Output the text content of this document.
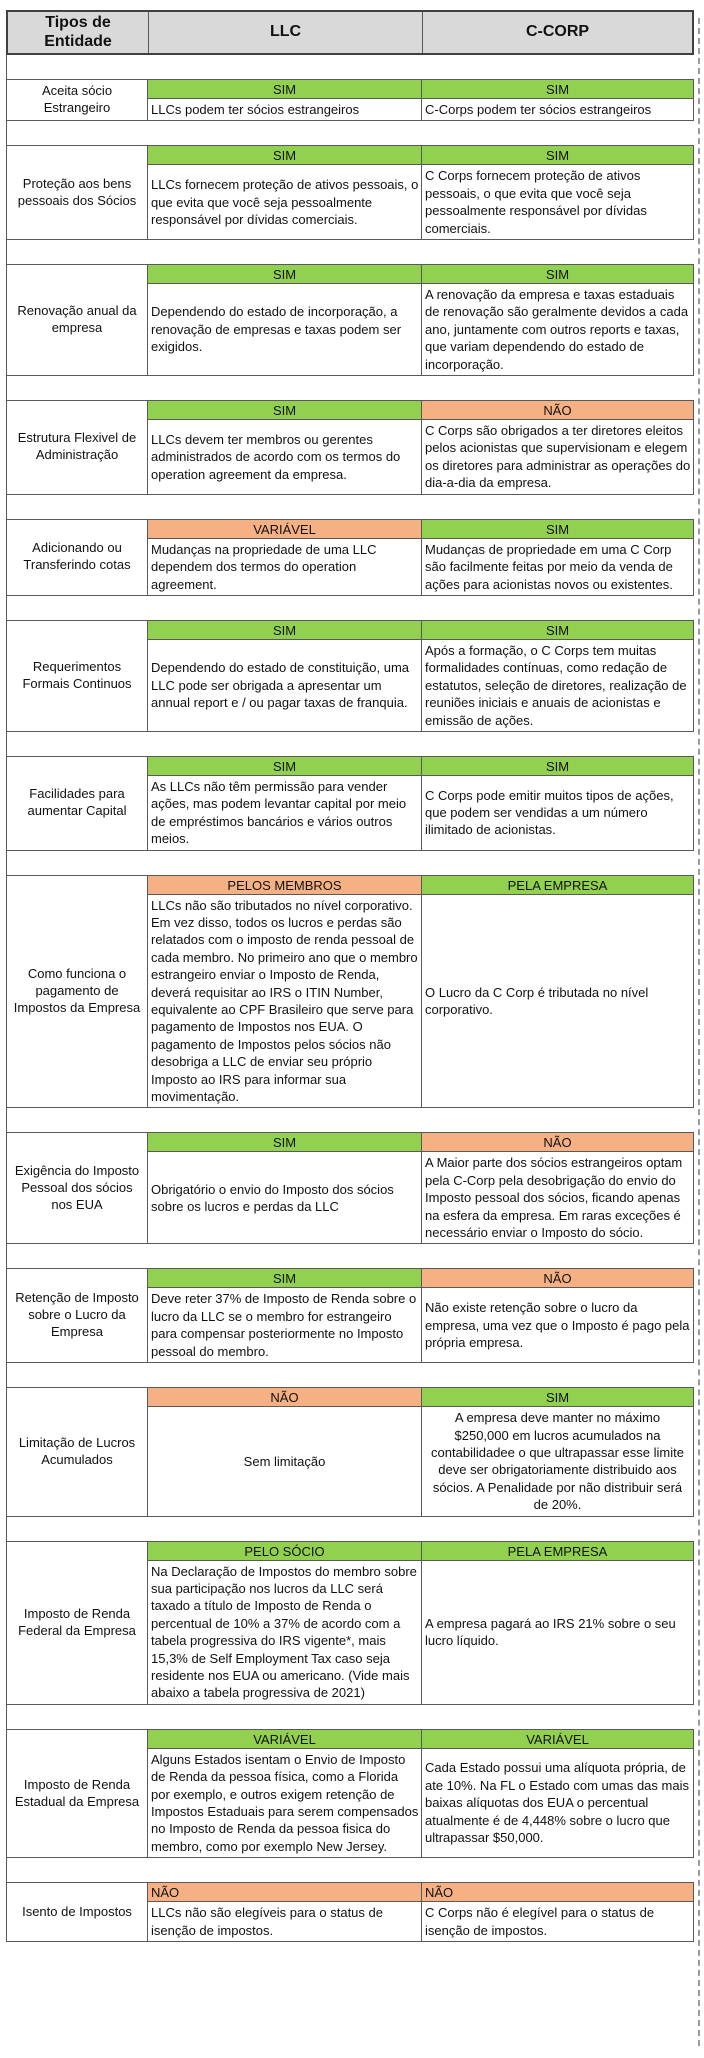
Tipos de Entidade
LLC	C-CORP
Aceita sócio Estrangeiro
SIM
LLCs podem ter sócios estrangeiros
SIM
C-Corps podem ter sócios estrangeiros
Proteção aos bens pessoais dos Sócios
SIM
LLCs fornecem proteção de ativos pessoais, o que evita que você seja pessoalmente responsável por dívidas comerciais.
SIM
C Corps fornecem proteção de ativos pessoais, o que evita que você seja pessoalmente responsável por dívidas comerciais.
Renovação anual da empresa
SIM
Dependendo do estado de incorporação, a renovação de empresas e taxas podem ser exigidos.
SIM
A renovação da empresa e taxas estaduais de renovação são geralmente devidos a cada ano, juntamente com outros reports e taxas, que variam dependendo do estado de incorporação.
Estrutura Flexivel de Administração
SIM
LLCs devem ter membros ou gerentes administrados de acordo com os termos do operation agreement da empresa.
NÃO
C Corps são obrigados a ter diretores eleitos pelos acionistas que supervisionam e elegem os diretores para administrar as operações do dia-a-dia da empresa.
Adicionando ou Transferindo cotas
VARIÁVEL
Mudanças na propriedade de uma LLC dependem dos termos do operation agreement.
SIM
Mudanças de propriedade em uma C Corp são facilmente feitas por meio da venda de ações para acionistas novos ou existentes.
Requerimentos Formais Continuos
SIM
Dependendo do estado de constituição, uma LLC pode ser obrigada a apresentar um annual report e / ou pagar taxas de franquia.
SIM
Após a formação, o C Corps tem muitas formalidades contínuas, como redação de estatutos, seleção de diretores, realização de reuniões iniciais e anuais de acionistas e emissão de ações.
Facilidades para aumentar Capital
SIM
As LLCs não têm permissão para vender ações, mas podem levantar capital por meio de empréstimos bancários e vários outros meios.
SIM
C Corps pode emitir muitos tipos de ações, que podem ser vendidas a um número ilimitado de acionistas.
Como funciona o pagamento de Impostos da Empresa
PELOS MEMBROS
LLCs não são tributados no nível corporativo. Em vez disso, todos os lucros e perdas são relatados com o imposto de renda pessoal de cada membro. No primeiro ano que o membro estrangeiro enviar o Imposto de Renda, deverá requisitar ao IRS o ITIN Number, equivalente ao CPF Brasileiro que serve para pagamento de Impostos nos EUA. O pagamento de Impostos pelos sócios não desobriga a LLC de enviar seu próprio Imposto ao IRS para informar sua movimentação.
PELA EMPRESA
O Lucro da C Corp é tributada no nível corporativo.
Exigência do Imposto Pessoal dos sócios nos EUA
SIM
Obrigatório o envio do Imposto dos sócios sobre os lucros e perdas da LLC
NÃO
A Maior parte dos sócios estrangeiros optam pela C-Corp pela desobrigação do envio do Imposto pessoal dos sócios, ficando apenas na esfera da empresa. Em raras exceções é necessário enviar o Imposto do sócio.
Retenção de Imposto sobre o Lucro da Empresa
SIM
Deve reter 37% de Imposto de Renda sobre o lucro da LLC se o membro for estrangeiro para compensar posteriormente no Imposto pessoal do membro.
NÃO
Não existe retenção sobre o lucro da empresa, uma vez que o Imposto é pago pela própria empresa.
Limitação de Lucros Acumulados
NÃO
Sem limitação
SIM
A empresa deve manter no máximo $250,000 em lucros acumulados na contabilidadee o que ultrapassar esse limite deve ser obrigatoriamente distribuido aos sócios. A Penalidade por não distribuir será de 20%.
Imposto de Renda Federal da Empresa
PELO SÓCIO
Na Declaração de Impostos do membro sobre sua participação nos lucros da LLC será taxado a título de Imposto de Renda o percentual de 10% a 37% de acordo com a tabela progressiva do IRS vigente*, mais 15,3% de Self Employment Tax caso seja residente nos EUA ou americano. (Vide mais abaixo a tabela progressiva de 2021)
PELA EMPRESA
A empresa pagará ao IRS 21% sobre o seu lucro líquido.
Imposto de Renda Estadual da Empresa
VARIÁVEL
Alguns Estados isentam o Envio de Imposto de Renda da pessoa física, como a Florida por exemplo, e outros exigem retenção de Impostos Estaduais para serem compensados no Imposto de Renda da pessoa fisica do membro, como por exemplo New Jersey.
VARIÁVEL
Cada Estado possui uma alíquota própria, de ate 10%. Na FL o Estado com umas das mais baixas alíquotas dos EUA o percentual atualmente é de 4,448% sobre o lucro que ultrapassar $50,000.
Isento de Impostos
NÃO
LLCs não são elegíveis para o status de isenção de impostos.
NÃO
C Corps não é elegível para o status de isenção de impostos.
